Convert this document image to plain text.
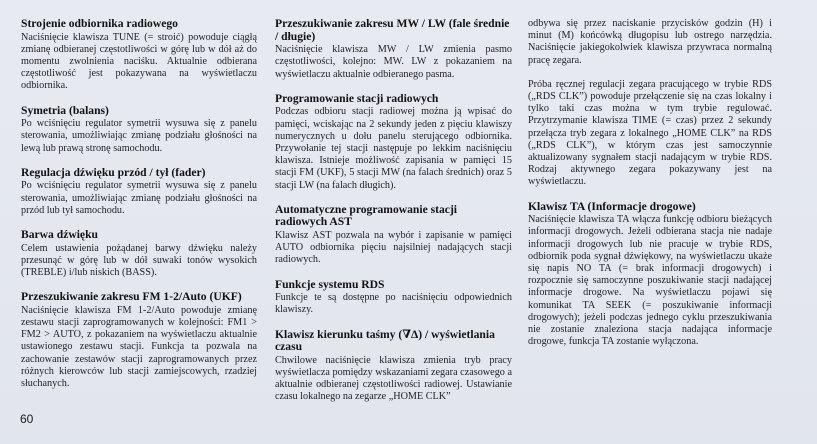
Strojenie odbiornika radiowego

Naciśnięcie klawisza TUNE (= stroić) powoduje ciągłą zmianę odbieranej częstotliwości w górę lub w dół aż do momentu zwolnienia naciśku. Aktualnie odbierana częstotliwość jest pokazywana na wyświetlaczu odbiornika.

Symetria (balans)

Po wciśnięciu regulator symetrii wysuwa się z panelu sterowania, umożliwiając zmianę podziału głośności na lewą lub prawą stronę samochodu.

Regulacja dźwięku przód / tył (fader)

Po wciśnięciu regulator symetrii wysuwa się z panelu sterowania, umożliwiając zmianę podziału głośności na przód lub tył samochodu.

Barwa dźwięku

Celem ustawienia pożądanej barwy dźwięku należy przesunąć w górę lub w dół suwaki tonów wysokich (TREBLE) i/lub niskich (BASS).

Przeszukiwanie zakresu FM 1-2/Auto (UKF)

Naciśnięcie klawisza FM 1-2/Auto powoduje zmianę zestawu stacji zaprogramowanych w kolejności: FM1 > FM2 > AUTO, z pokazaniem na wyświetlaczu aktualnie ustawionego zestawu stacji. Funkcja ta pozwala na zachowanie zestawów stacji zaprogramowanych przez różnych kierowców lub stacji zamiejscowych, rzadziej słuchanych.

Przeszukiwanie zakresu MW / LW (fale średnie / długie)

Naciśnięcie klawisza MW / LW zmienia pasmo częstotliwości, kolejno: MW. LW z pokazaniem na wyświetlaczu aktualnie odbieranego pasma.

Programowanie stacji radiowych

Podczas odbioru stacji radiowej można ją wpisać do pamięci, wciskając na 2 sekundy jeden z pięciu klawiszy numerycznych u dołu panelu sterującego odbiornika. Przywołanie tej stacji następuje po lekkim naciśnięciu klawisza. Istnieje możliwość zapisania w pamięci 15 stacji FM (UKF), 5 stacji MW (na falach średnich) oraz 5 stacji LW (na falach długich).

Automatyczne programowanie stacji radiowych AST

Klawisz AST pozwala na wybór i zapisanie w pamięci AUTO odbiornika pięciu najsilniej nadających stacji radiowych.

Funkcje systemu RDS

Funkcje te są dostępne po naciśnięciu odpowiednich klawiszy.

Klawisz kierunku taśmy (∇Δ) / wyświetlania czasu

Chwilowe naciśnięcie klawisza zmienia tryb pracy wyświetlacza pomiędzy wskazaniami zegara czasowego a aktualnie odbieranej częstotliwości radiowej. Ustawianie czasu lokalnego na zegarze „HOME CLK”

odbywa się przez naciskanie przycisków godzin (H) i minut (M) końcówką długopisu lub ostrego narzędzia. Naciśnięcie jakiegokolwiek klawisza przywraca normalną pracę zegara.

Próba ręcznej regulacji zegara pracującego w trybie RDS („RDS CLK”) powoduje przełączenie się na czas lokalny i tylko taki czas można w tym trybie regulować. Przytrzymanie klawisza TIME (= czas) przez 2 sekundy przełącza tryb zegara z lokalnego „HOME CLK” na RDS („RDS CLK”), w którym czas jest samoczynnie aktualizowany sygnałem stacji nadającym w trybie RDS. Rodzaj aktywnego zegara pokazywany jest na wyświetlaczu.

Klawisz TA (Informacje drogowe)

Naciśnięcie klawisza TA włącza funkcję odbioru bieżących informacji drogowych. Jeżeli odbierana stacja nie nadaje informacji drogowych lub nie pracuje w trybie RDS, odbiornik poda sygnał dźwiękowy, na wyświetlaczu ukaże się napis NO TA (= brak informacji drogowych) i rozpocznie się samoczynne poszukiwanie stacji nadającej informacje drogowe. Na wyświetlaczu pojawi się komunikat TA SEEK (= poszukiwanie informacji drogowych); jeżeli podczas jednego cyklu przeszukiwania nie zostanie znaleziona stacja nadająca informacje drogowe, funkcja TA zostanie wyłączona.

60
